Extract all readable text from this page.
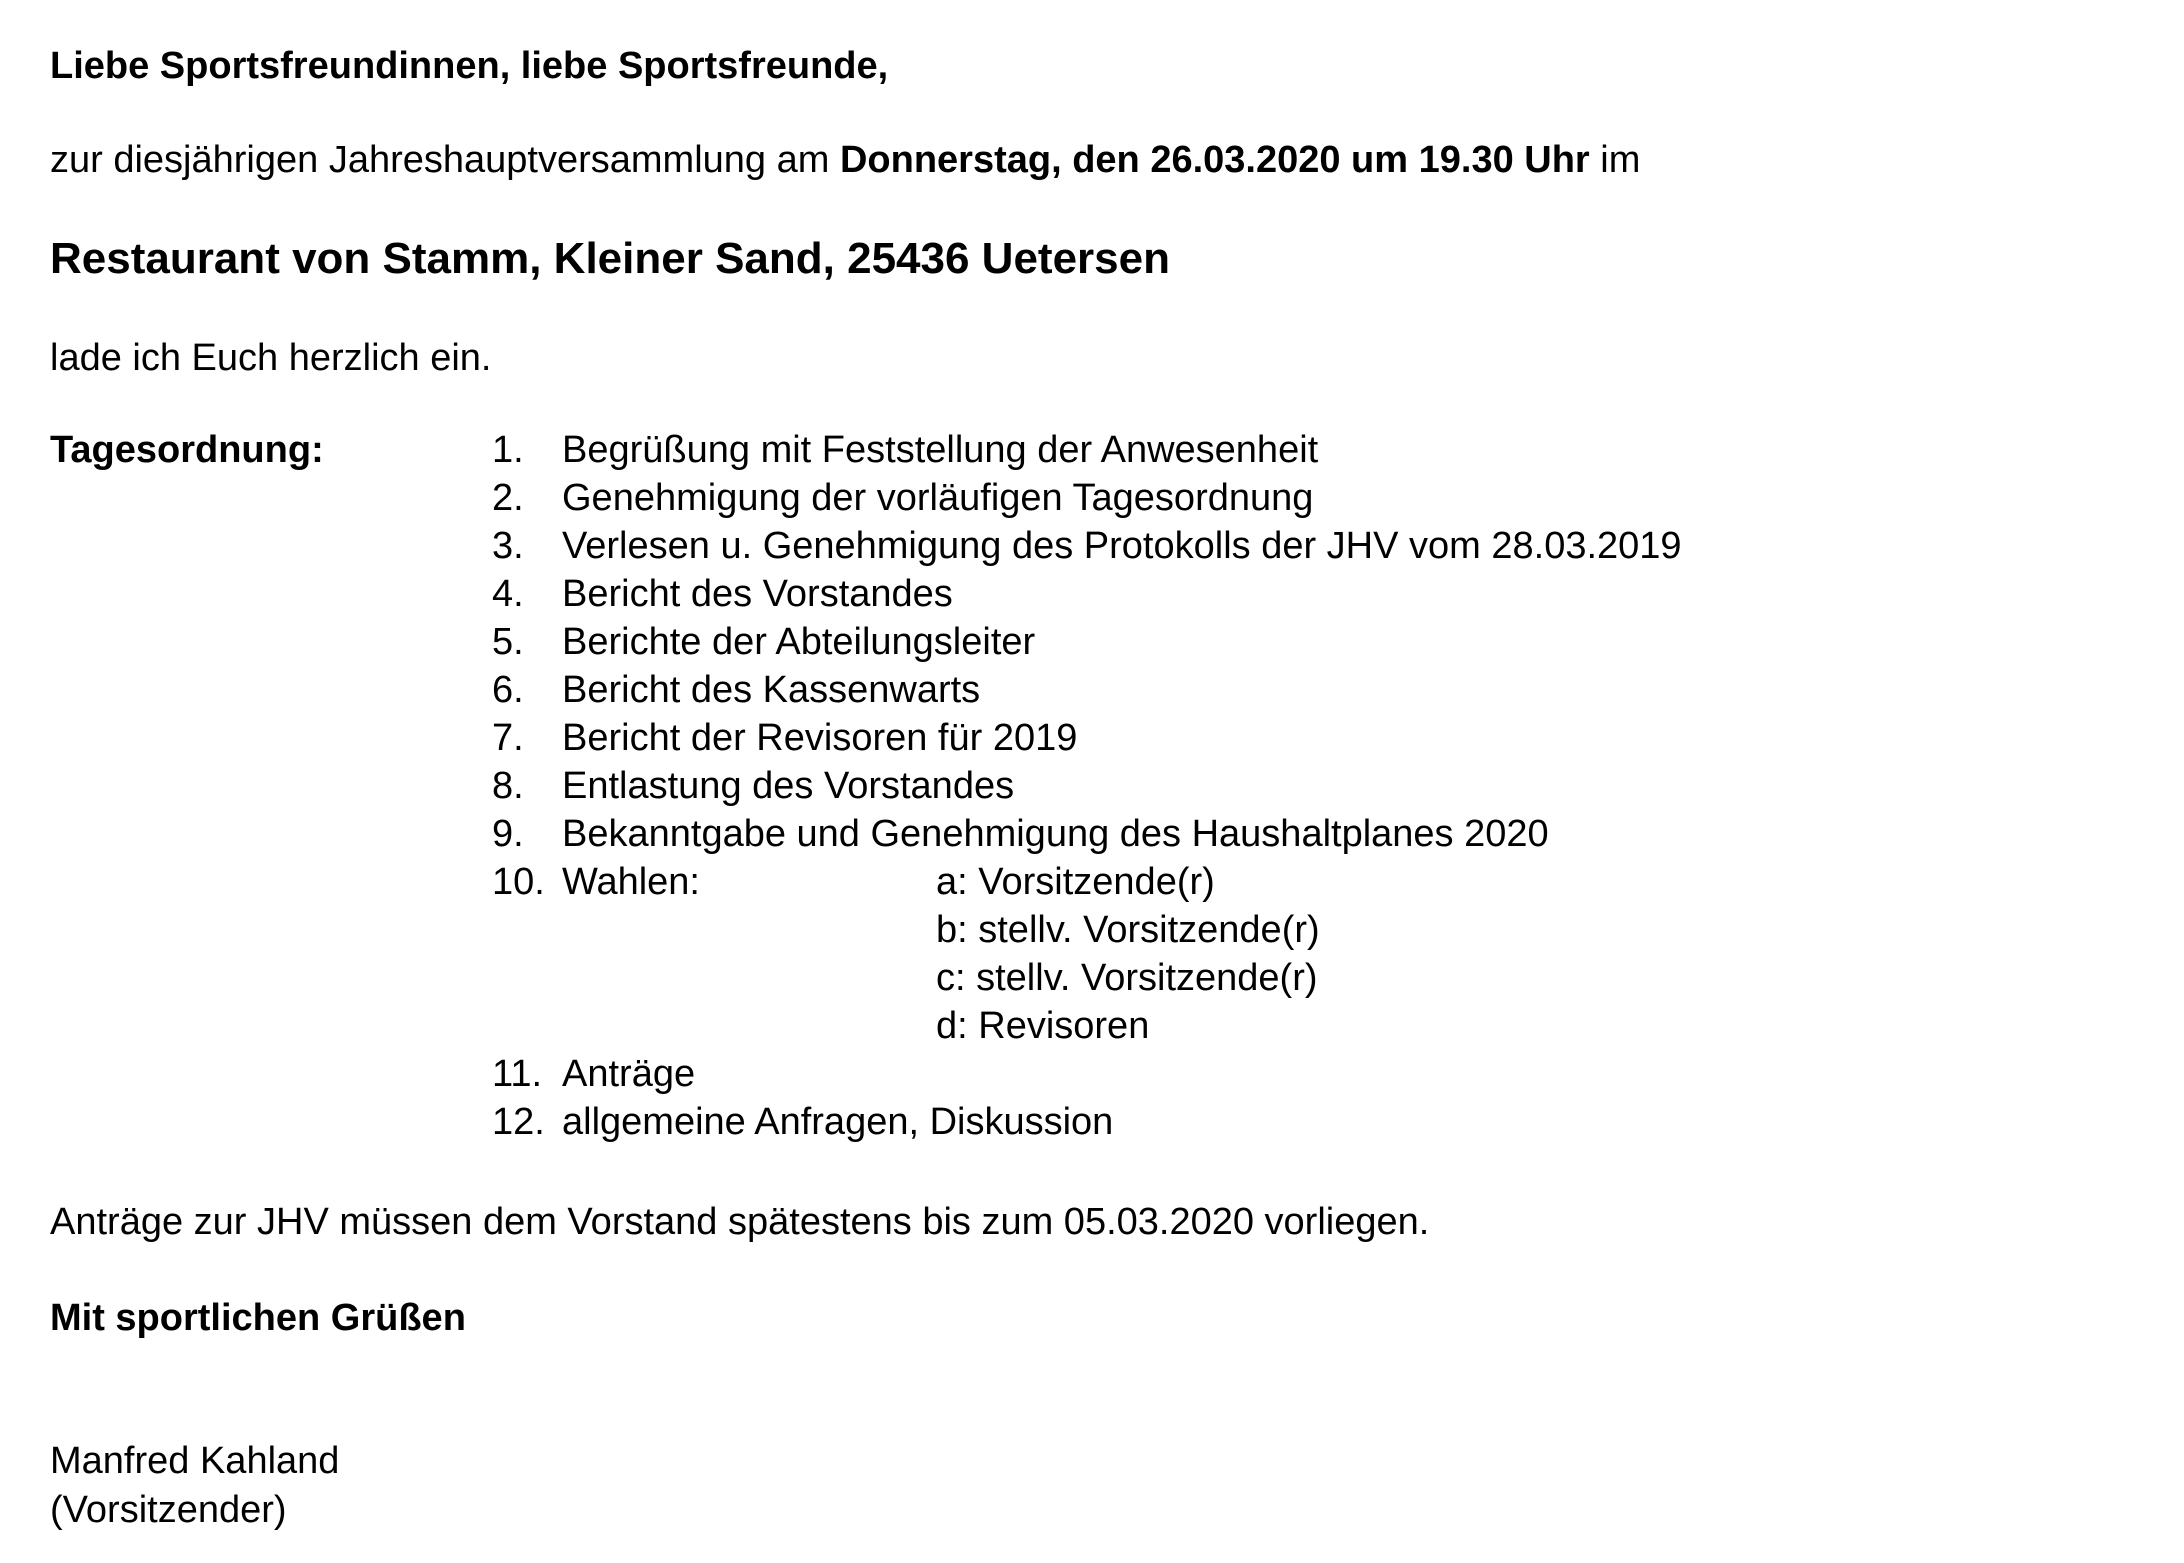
Liebe Sportsfreundinnen, liebe Sportsfreunde,
zur diesjährigen Jahreshauptversammlung am Donnerstag, den 26.03.2020 um 19.30 Uhr im
Restaurant von Stamm, Kleiner Sand, 25436 Uetersen
lade ich Euch herzlich ein.
Tagesordnung:	1. Begrüßung mit Feststellung der Anwesenheit
2. Genehmigung der vorläufigen Tagesordnung
3. Verlesen u. Genehmigung des Protokolls der JHV vom 28.03.2019
4. Bericht des Vorstandes
5. Berichte der Abteilungsleiter
6. Bericht des Kassenwarts
7. Bericht der Revisoren für 2019
8. Entlastung des Vorstandes
9. Bekanntgabe und Genehmigung des Haushaltplanes 2020
10. Wahlen:
11. Anträge
12. allgemeine Anfragen, Diskussion
a: Vorsitzende(r)
b: stellv. Vorsitzende(r)
c: stellv. Vorsitzende(r)
d: Revisoren
Anträge zur JHV müssen dem Vorstand spätestens bis zum 05.03.2020 vorliegen.
Mit sportlichen Grüßen
Manfred Kahland
(Vorsitzender)
